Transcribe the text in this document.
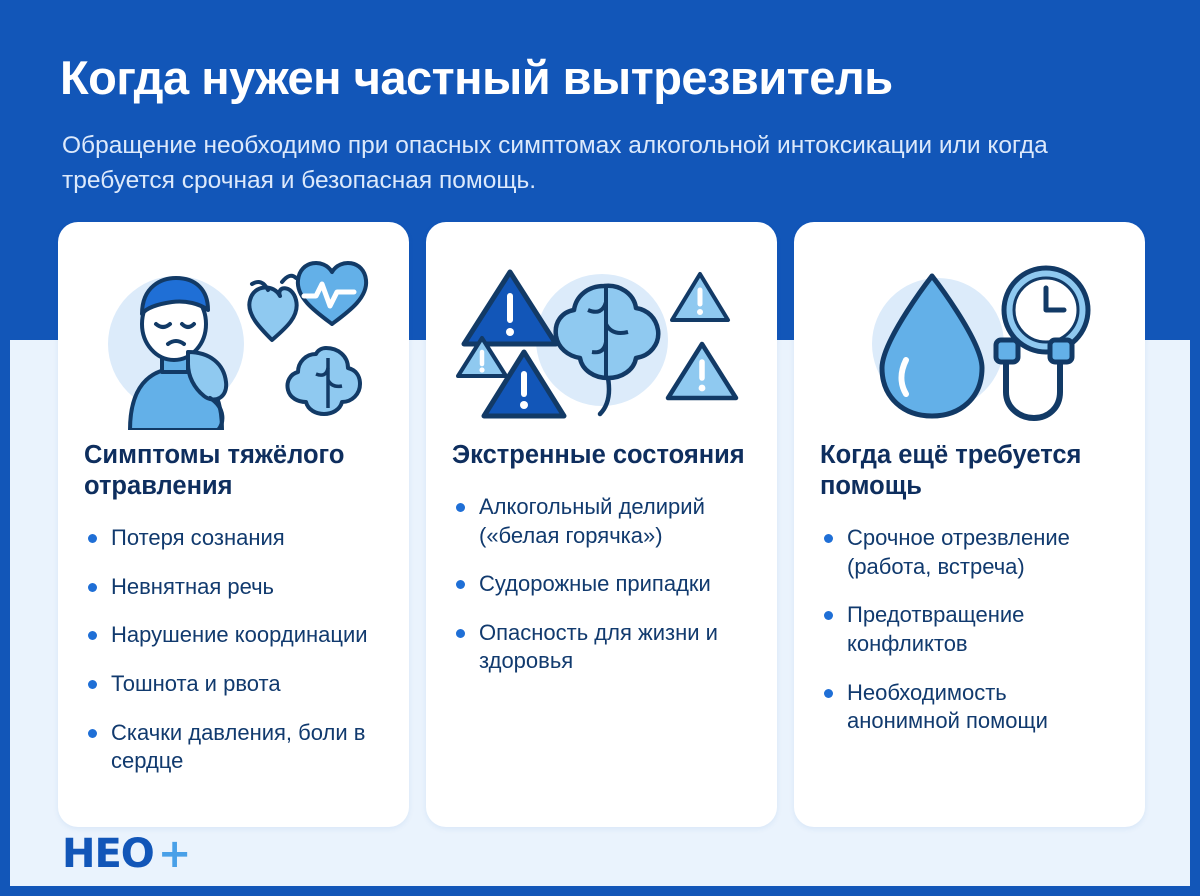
Когда нужен частный вытрезвитель

Обращение необходимо при опасных симптомах алкогольной интоксикации или когда требуется срочная и безопасная помощь.

Симптомы тяжёлого отравления
Потеря сознания
Невнятная речь
Нарушение координации
Тошнота и рвота
Скачки давления, боли в сердце
Экстренные состояния
Алкогольный делирий («белая горячка»)
Судорожные припадки
Опасность для жизни и здоровья
Когда ещё требуется помощь
Срочное отрезвление (работа, встреча)
Предотвращение конфликтов
Необходимость анонимной помощи
НЕО +
